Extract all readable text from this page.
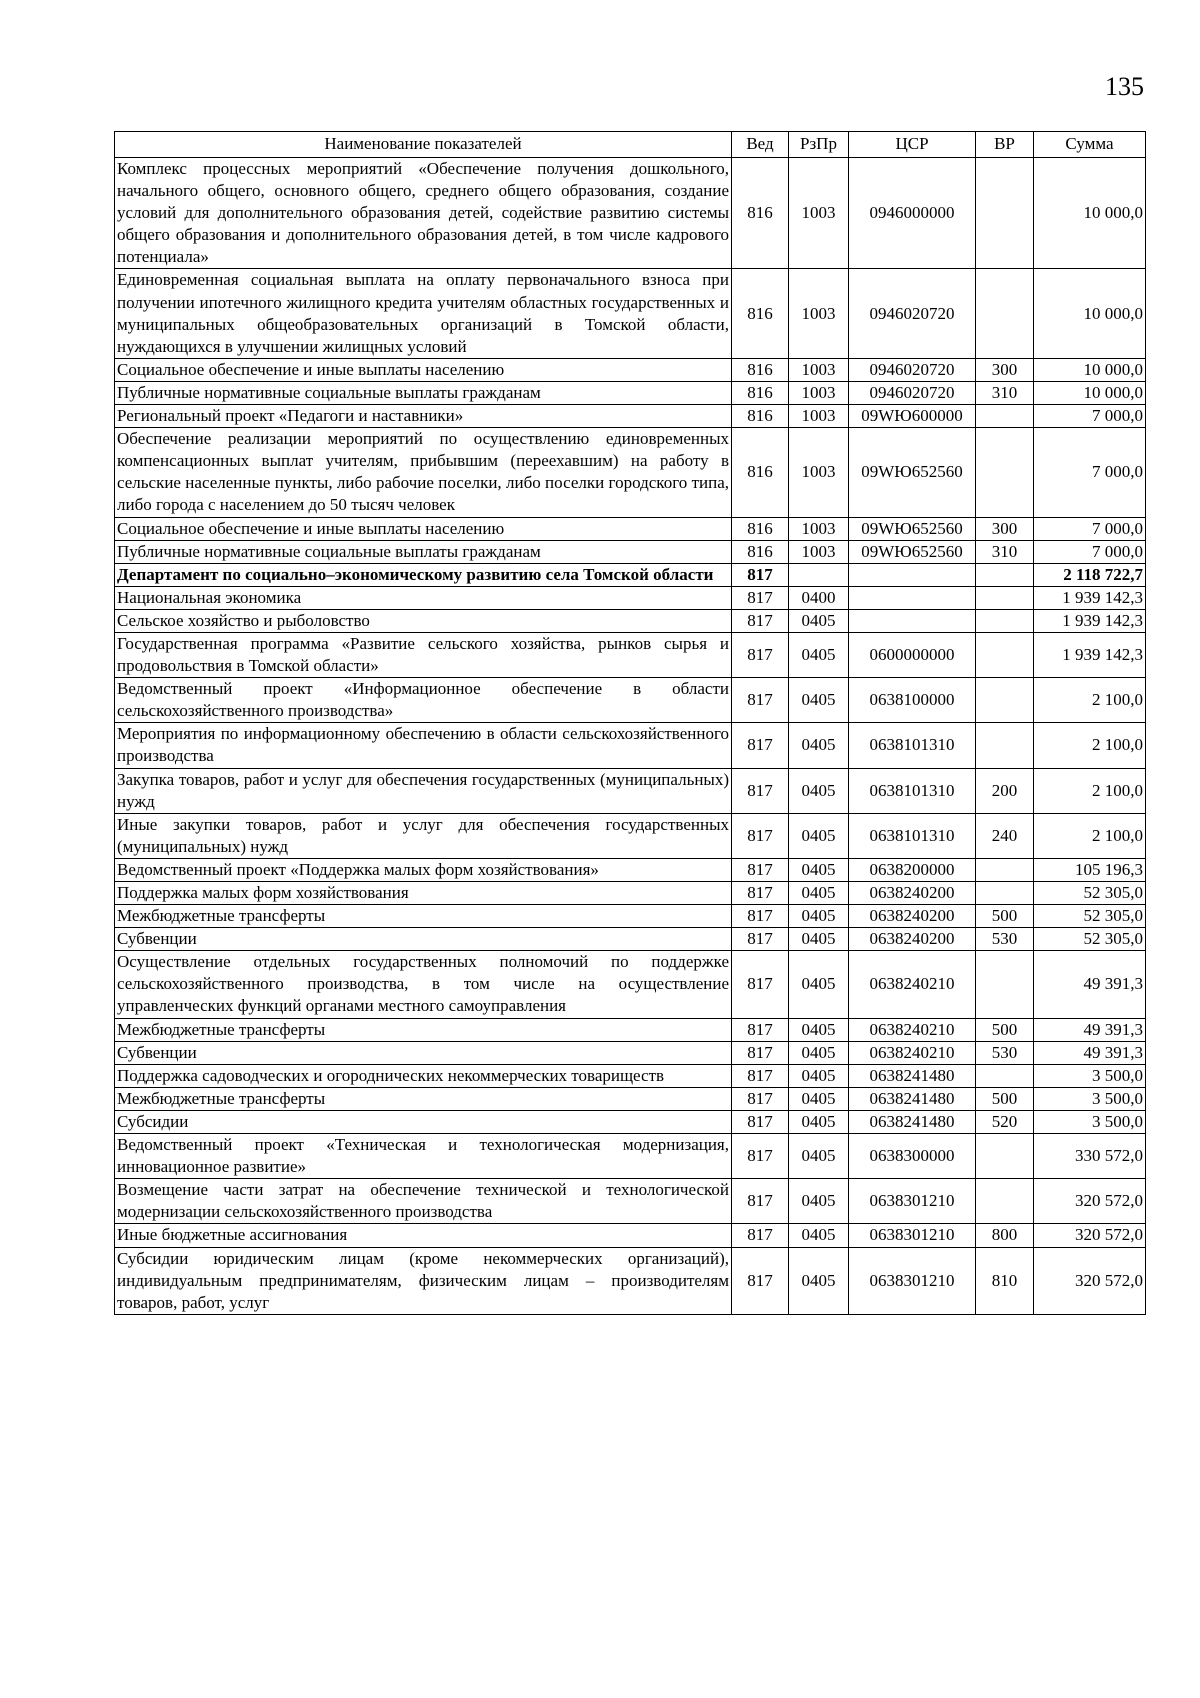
135
Наименование показателей	Вед	РзПр	ЦСР	ВР	Сумма
Комплекс процессных мероприятий «Обеспечение получения дошкольного, начального общего, основного общего, среднего общего образования, создание условий для дополнительного образования детей, содействие развитию системы общего образования и дополнительного образования детей, в том числе кадрового потенциала»	816	1003	0946000000		10 000,0
Единовременная социальная выплата на оплату первоначального взноса при получении ипотечного жилищного кредита учителям областных государственных и муниципальных общеобразовательных организаций в Томской области, нуждающихся в улучшении жилищных условий	816	1003	0946020720		10 000,0
Социальное обеспечение и иные выплаты населению	816	1003	0946020720	300	10 000,0
Публичные нормативные социальные выплаты гражданам	816	1003	0946020720	310	10 000,0
Региональный проект «Педагоги и наставники»	816	1003	09WЮ600000		7 000,0
Обеспечение реализации мероприятий по осуществлению единовременных компенсационных выплат учителям, прибывшим (переехавшим) на работу в сельские населенные пункты, либо рабочие поселки, либо поселки городского типа, либо города с населением до 50 тысяч человек	816	1003	09WЮ652560		7 000,0
Социальное обеспечение и иные выплаты населению	816	1003	09WЮ652560	300	7 000,0
Публичные нормативные социальные выплаты гражданам	816	1003	09WЮ652560	310	7 000,0
Департамент по социально–экономическому развитию села Томской области	817				2 118 722,7
Национальная экономика	817	0400			1 939 142,3
Сельское хозяйство и рыболовство	817	0405			1 939 142,3
Государственная программа «Развитие сельского хозяйства, рынков сырья и продовольствия в Томской области»	817	0405	0600000000		1 939 142,3
Ведомственный проект «Информационное обеспечение в области сельскохозяйственного производства»	817	0405	0638100000		2 100,0
Мероприятия по информационному обеспечению в области сельскохозяйственного производства	817	0405	0638101310		2 100,0
Закупка товаров, работ и услуг для обеспечения государственных (муниципальных) нужд	817	0405	0638101310	200	2 100,0
Иные закупки товаров, работ и услуг для обеспечения государственных (муниципальных) нужд	817	0405	0638101310	240	2 100,0
Ведомственный проект «Поддержка малых форм хозяйствования»	817	0405	0638200000		105 196,3
Поддержка малых форм хозяйствования	817	0405	0638240200		52 305,0
Межбюджетные трансферты	817	0405	0638240200	500	52 305,0
Субвенции	817	0405	0638240200	530	52 305,0
Осуществление отдельных государственных полномочий по поддержке сельскохозяйственного производства, в том числе на осуществление управленческих функций органами местного самоуправления	817	0405	0638240210		49 391,3
Межбюджетные трансферты	817	0405	0638240210	500	49 391,3
Субвенции	817	0405	0638240210	530	49 391,3
Поддержка садоводческих и огороднических некоммерческих товариществ	817	0405	0638241480		3 500,0
Межбюджетные трансферты	817	0405	0638241480	500	3 500,0
Субсидии	817	0405	0638241480	520	3 500,0
Ведомственный проект «Техническая и технологическая модернизация, инновационное развитие»	817	0405	0638300000		330 572,0
Возмещение части затрат на обеспечение технической и технологической модернизации сельскохозяйственного производства	817	0405	0638301210		320 572,0
Иные бюджетные ассигнования	817	0405	0638301210	800	320 572,0
Субсидии юридическим лицам (кроме некоммерческих организаций), индивидуальным предпринимателям, физическим лицам – производителям товаров, работ, услуг	817	0405	0638301210	810	320 572,0
